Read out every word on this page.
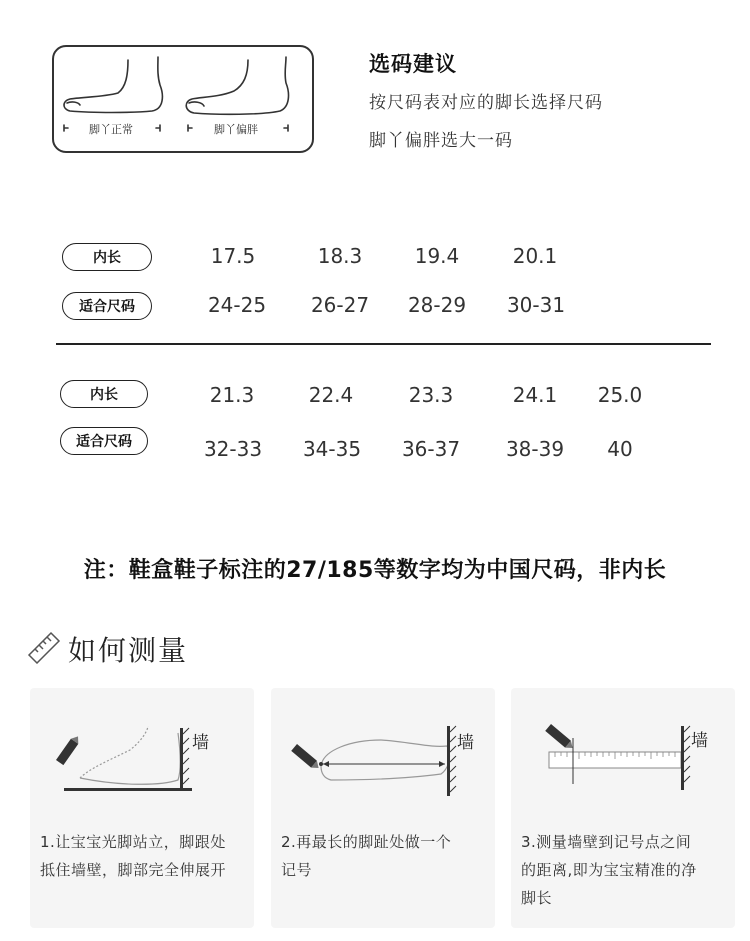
脚丫正常	脚丫偏胖
选码建议
按尺码表对应的脚长选择尺码
脚丫偏胖选大一码
内长	17.5	18.3	19.4	20.1
适合尺码	24-25	26-27	28-29	30-31
内长	21.3	22.4	23.3	24.1	25.0
适合尺码	32-33	34-35	36-37	38-39	40
注：鞋盒鞋子标注的27/185等数字均为中国尺码，非内长
如何测量
墙
1.让宝宝光脚站立，脚跟处
抵住墙壁，脚部完全伸展开
墙
2.再最长的脚趾处做一个
记号
墙
3.测量墙壁到记号点之间
的距离,即为宝宝精准的净
脚长
